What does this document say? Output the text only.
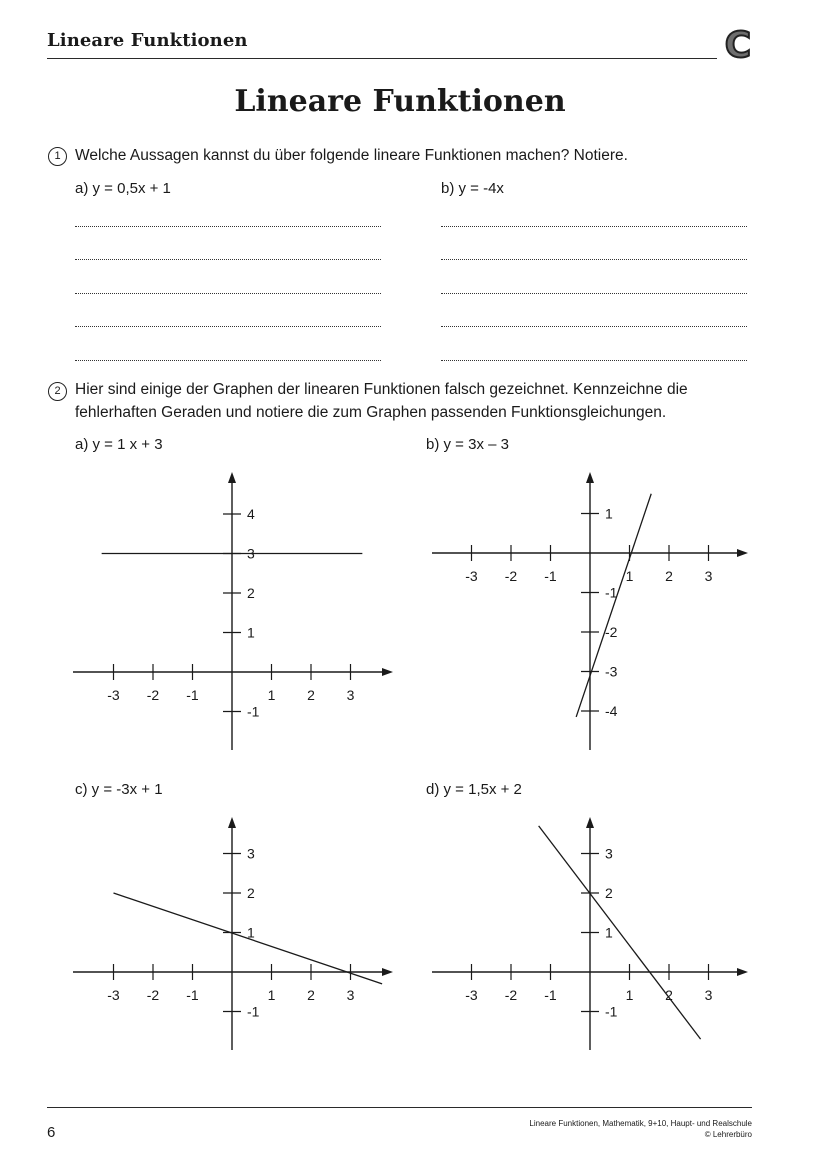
Lineare Funktionen	C
Lineare Funktionen
1 Welche Aussagen kannst du über folgende lineare Funktionen machen? Notiere.
a) y = 0,5x + 1	b) y = -4x
2 Hier sind einige der Graphen der linearen Funktionen falsch gezeichnet. Kennzeichne die
fehlerhaften Geraden und notiere die zum Graphen passenden Funktionsgleichungen.
a) y = 1 x + 3	b) y = 3x – 3
c) y = -3x + 1	d) y = 1,5x + 2
-3 -2 -1	1 2 3
-1
1
2
3
4
-3 -2 -1	1 2 3
-4
-3
-2
-1
1
-3 -2 -1	1 2 3
-1
1
2
3
-3 -2 -1	1 2 3
-1
1
2
3
6
Lineare Funktionen, Mathematik, 9+10, Haupt- und Realschule
© Lehrerbüro
